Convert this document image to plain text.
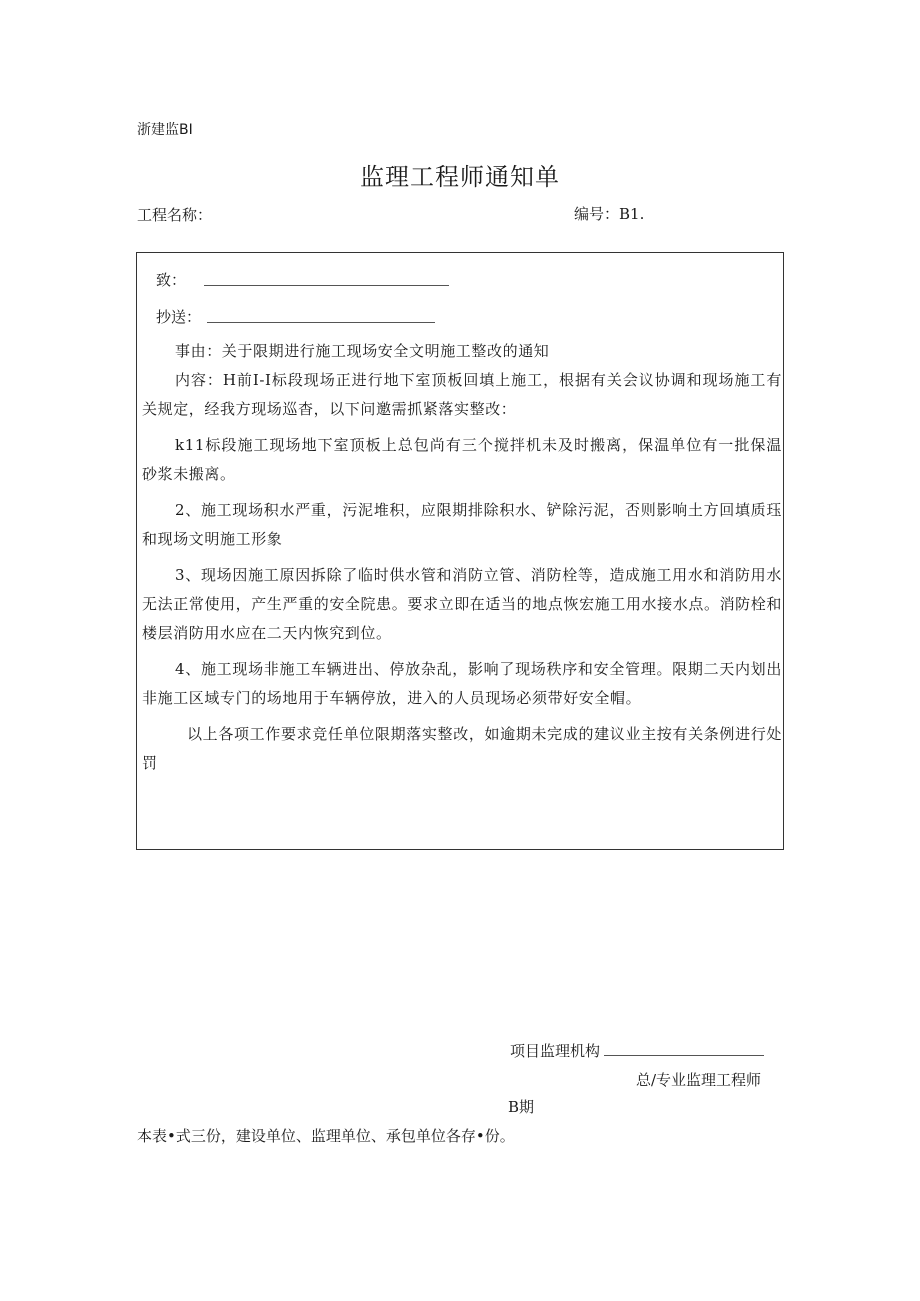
浙建监BI
监理工程师通知单
工程名称：	编号：B1.
致：
抄送：

事由：关于限期进行施工现场安全文明施工整改的通知

内容：H前I-I标段现场正进行地下室顶板回填上施工，根据有关会议协调和现场施工有关规定，经我方现场巡杳，以下问邀需抓紧落实整改：

k11标段施工现场地下室顶板上总包尚有三个搅拌机未及时搬离，保温单位有一批保温砂浆未搬离。

2、施工现场积水严重，污泥堆积，应限期排除积水、铲除污泥，否则影响土方回填质珏和现场文明施工形象

3、现场因施工原因拆除了临时供水管和消防立管、消防栓等，造成施工用水和消防用水无法正常使用，产生严重的安全院患。要求立即在适当的地点恢宏施工用水接水点。消防栓和楼层消防用水应在二天内恢究到位。

4、施工现场非施工车辆进出、停放杂乱，影响了现场秩序和安全管理。限期二天内划出非施工区域专门的场地用于车辆停放，进入的人员现场必须带好安全帽。

以上各项工作要求竞任单位限期落实整改，如逾期未完成的建议业主按有关条例进行处罚

项目监理机构
总/专业监理工程师
B期
本表•式三份，建设单位、监理单位、承包单位各存•份。
